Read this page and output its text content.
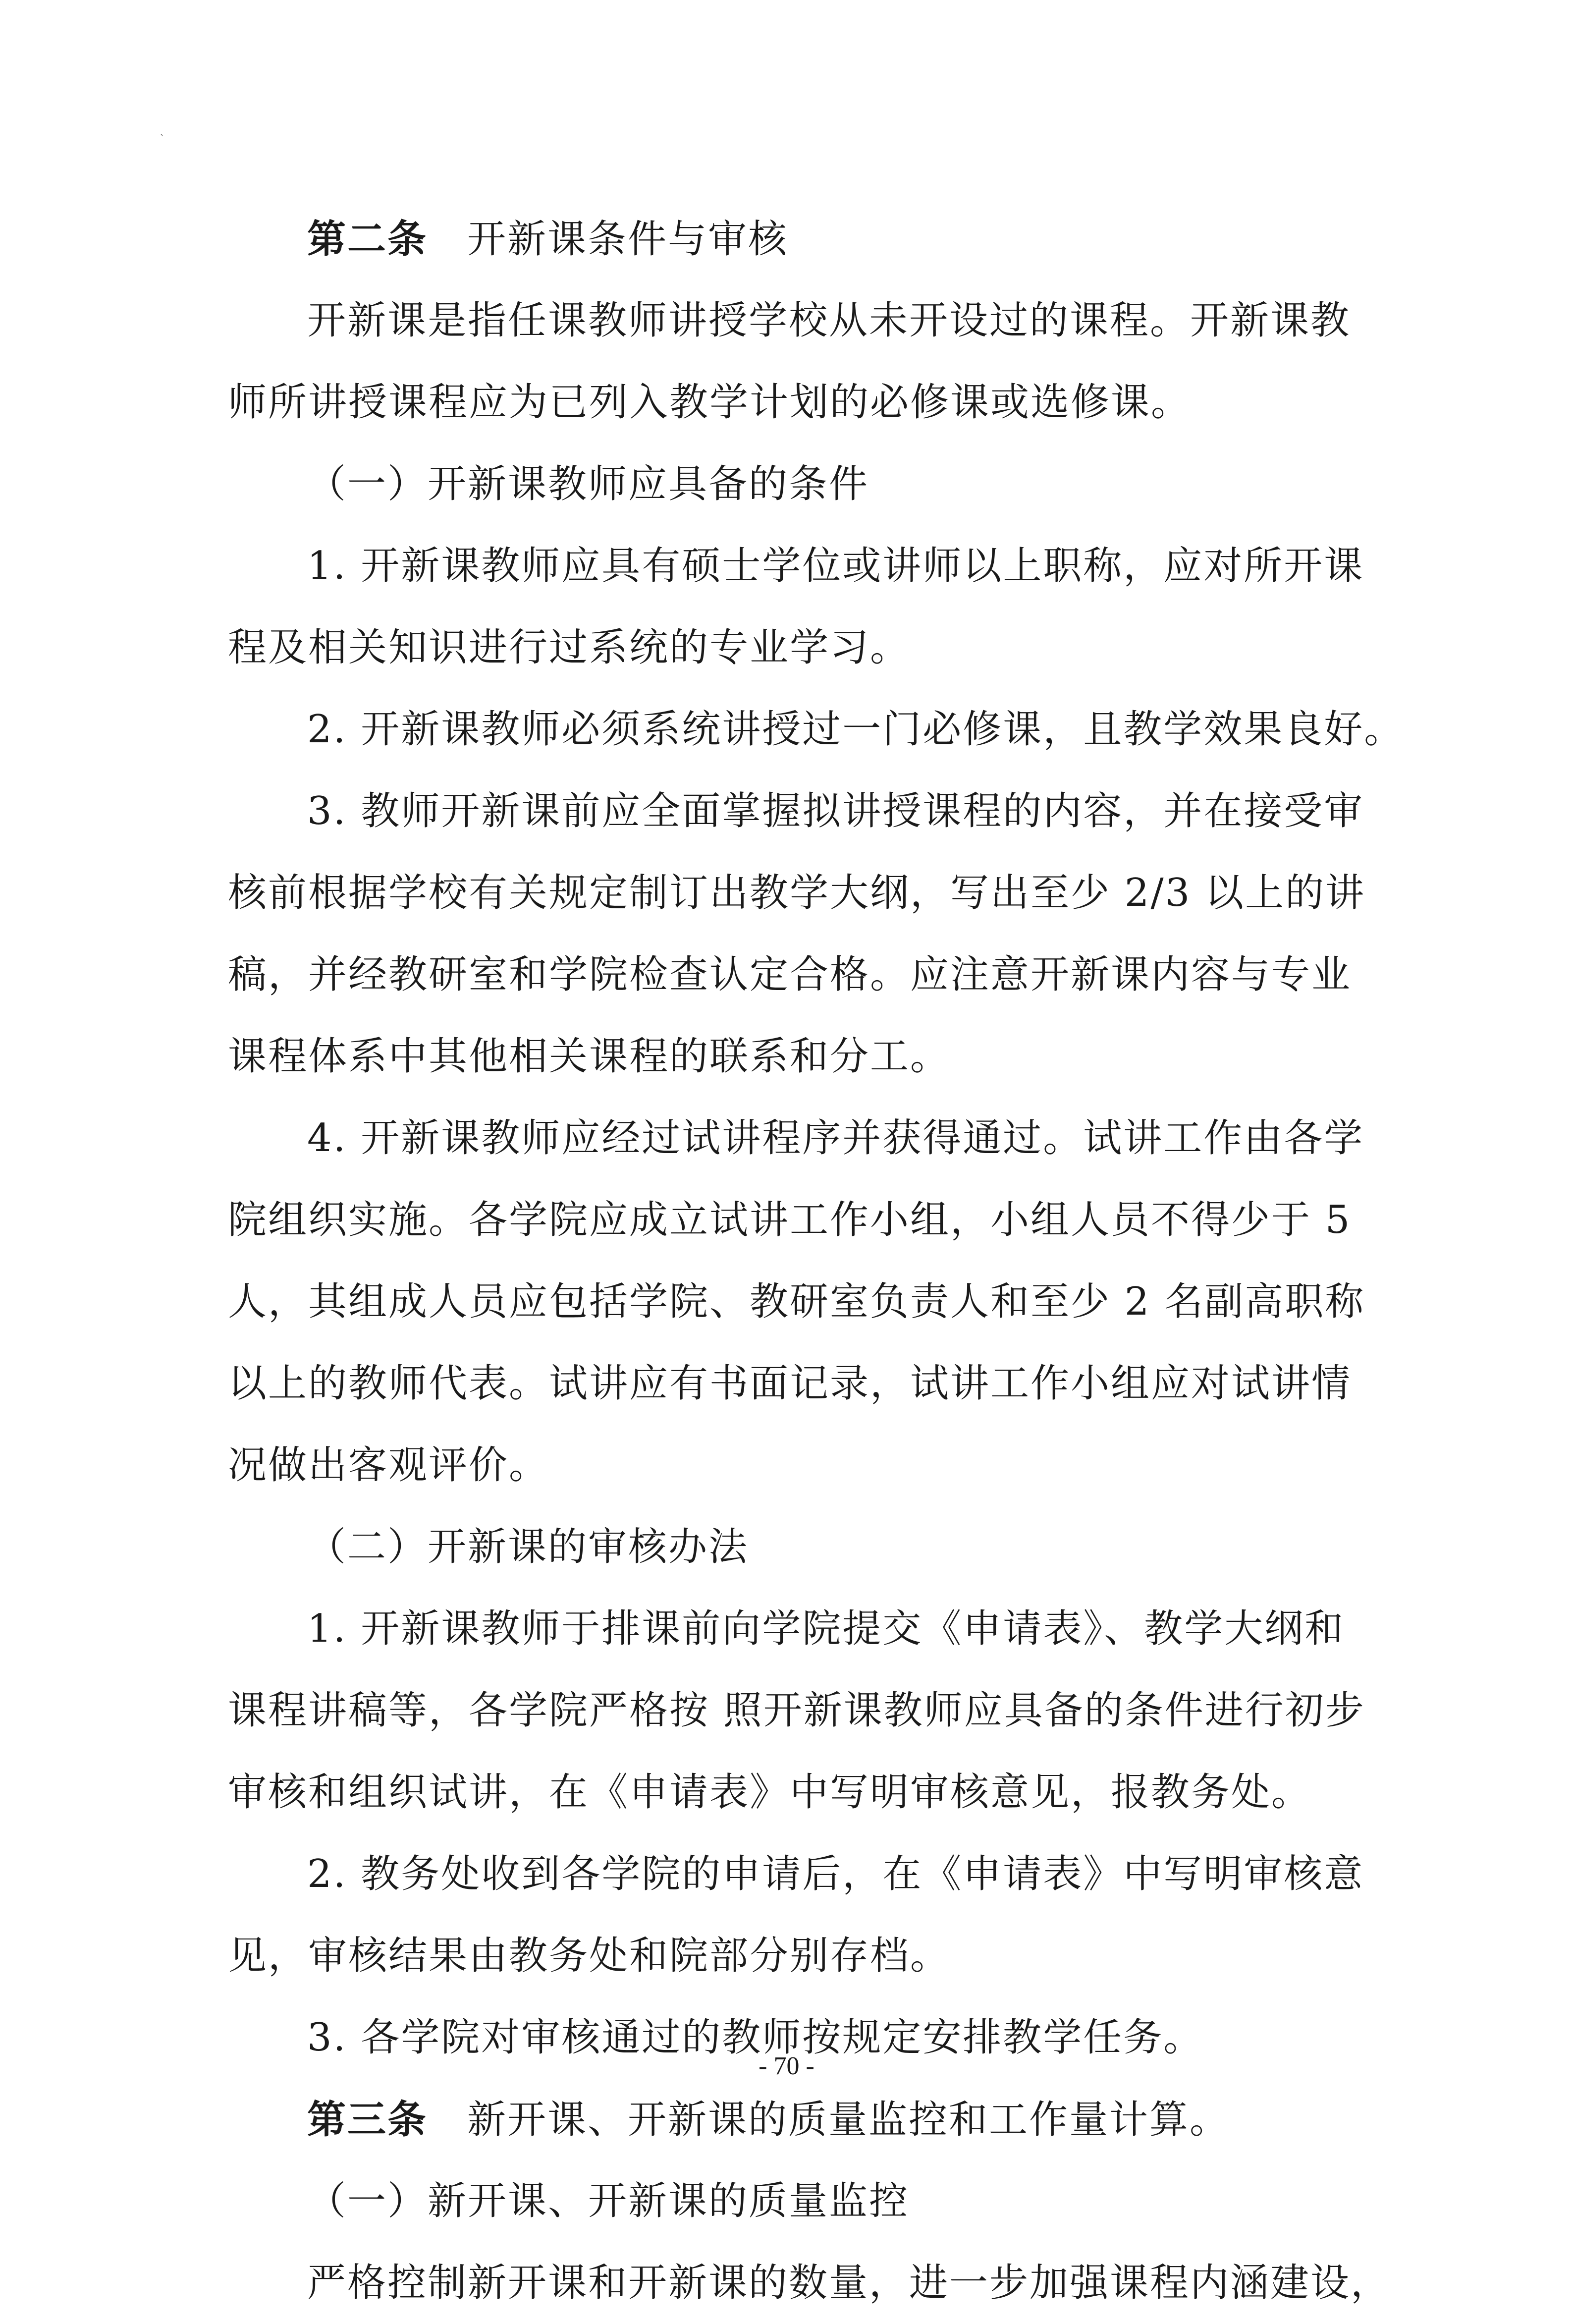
`
第二条 开新课条件与审核
开新课是指任课教师讲授学校从未开设过的课程。开新课教
师所讲授课程应为已列入教学计划的必修课或选修课。
（一）开新课教师应具备的条件
1. 开新课教师应具有硕士学位或讲师以上职称，应对所开课
程及相关知识进行过系统的专业学习。
2. 开新课教师必须系统讲授过一门必修课，且教学效果良好。
3. 教师开新课前应全面掌握拟讲授课程的内容，并在接受审
核前根据学校有关规定制订出教学大纲，写出至少 2/3 以上的讲
稿，并经教研室和学院检查认定合格。应注意开新课内容与专业
课程体系中其他相关课程的联系和分工。
4. 开新课教师应经过试讲程序并获得通过。试讲工作由各学
院组织实施。各学院应成立试讲工作小组，小组人员不得少于 5
人，其组成人员应包括学院、教研室负责人和至少 2 名副高职称
以上的教师代表。试讲应有书面记录，试讲工作小组应对试讲情
况做出客观评价。
（二）开新课的审核办法
1. 开新课教师于排课前向学院提交《申请表》、教学大纲和
课程讲稿等，各学院严格按 照开新课教师应具备的条件进行初步
审核和组织试讲，在《申请表》中写明审核意见，报教务处。
2. 教务处收到各学院的申请后，在《申请表》中写明审核意
见，审核结果由教务处和院部分别存档。
3. 各学院对审核通过的教师按规定安排教学任务。
第三条 新开课、开新课的质量监控和工作量计算。
（一）新开课、开新课的质量监控
严格控制新开课和开新课的数量，进一步加强课程内涵建设，
- 70 -
